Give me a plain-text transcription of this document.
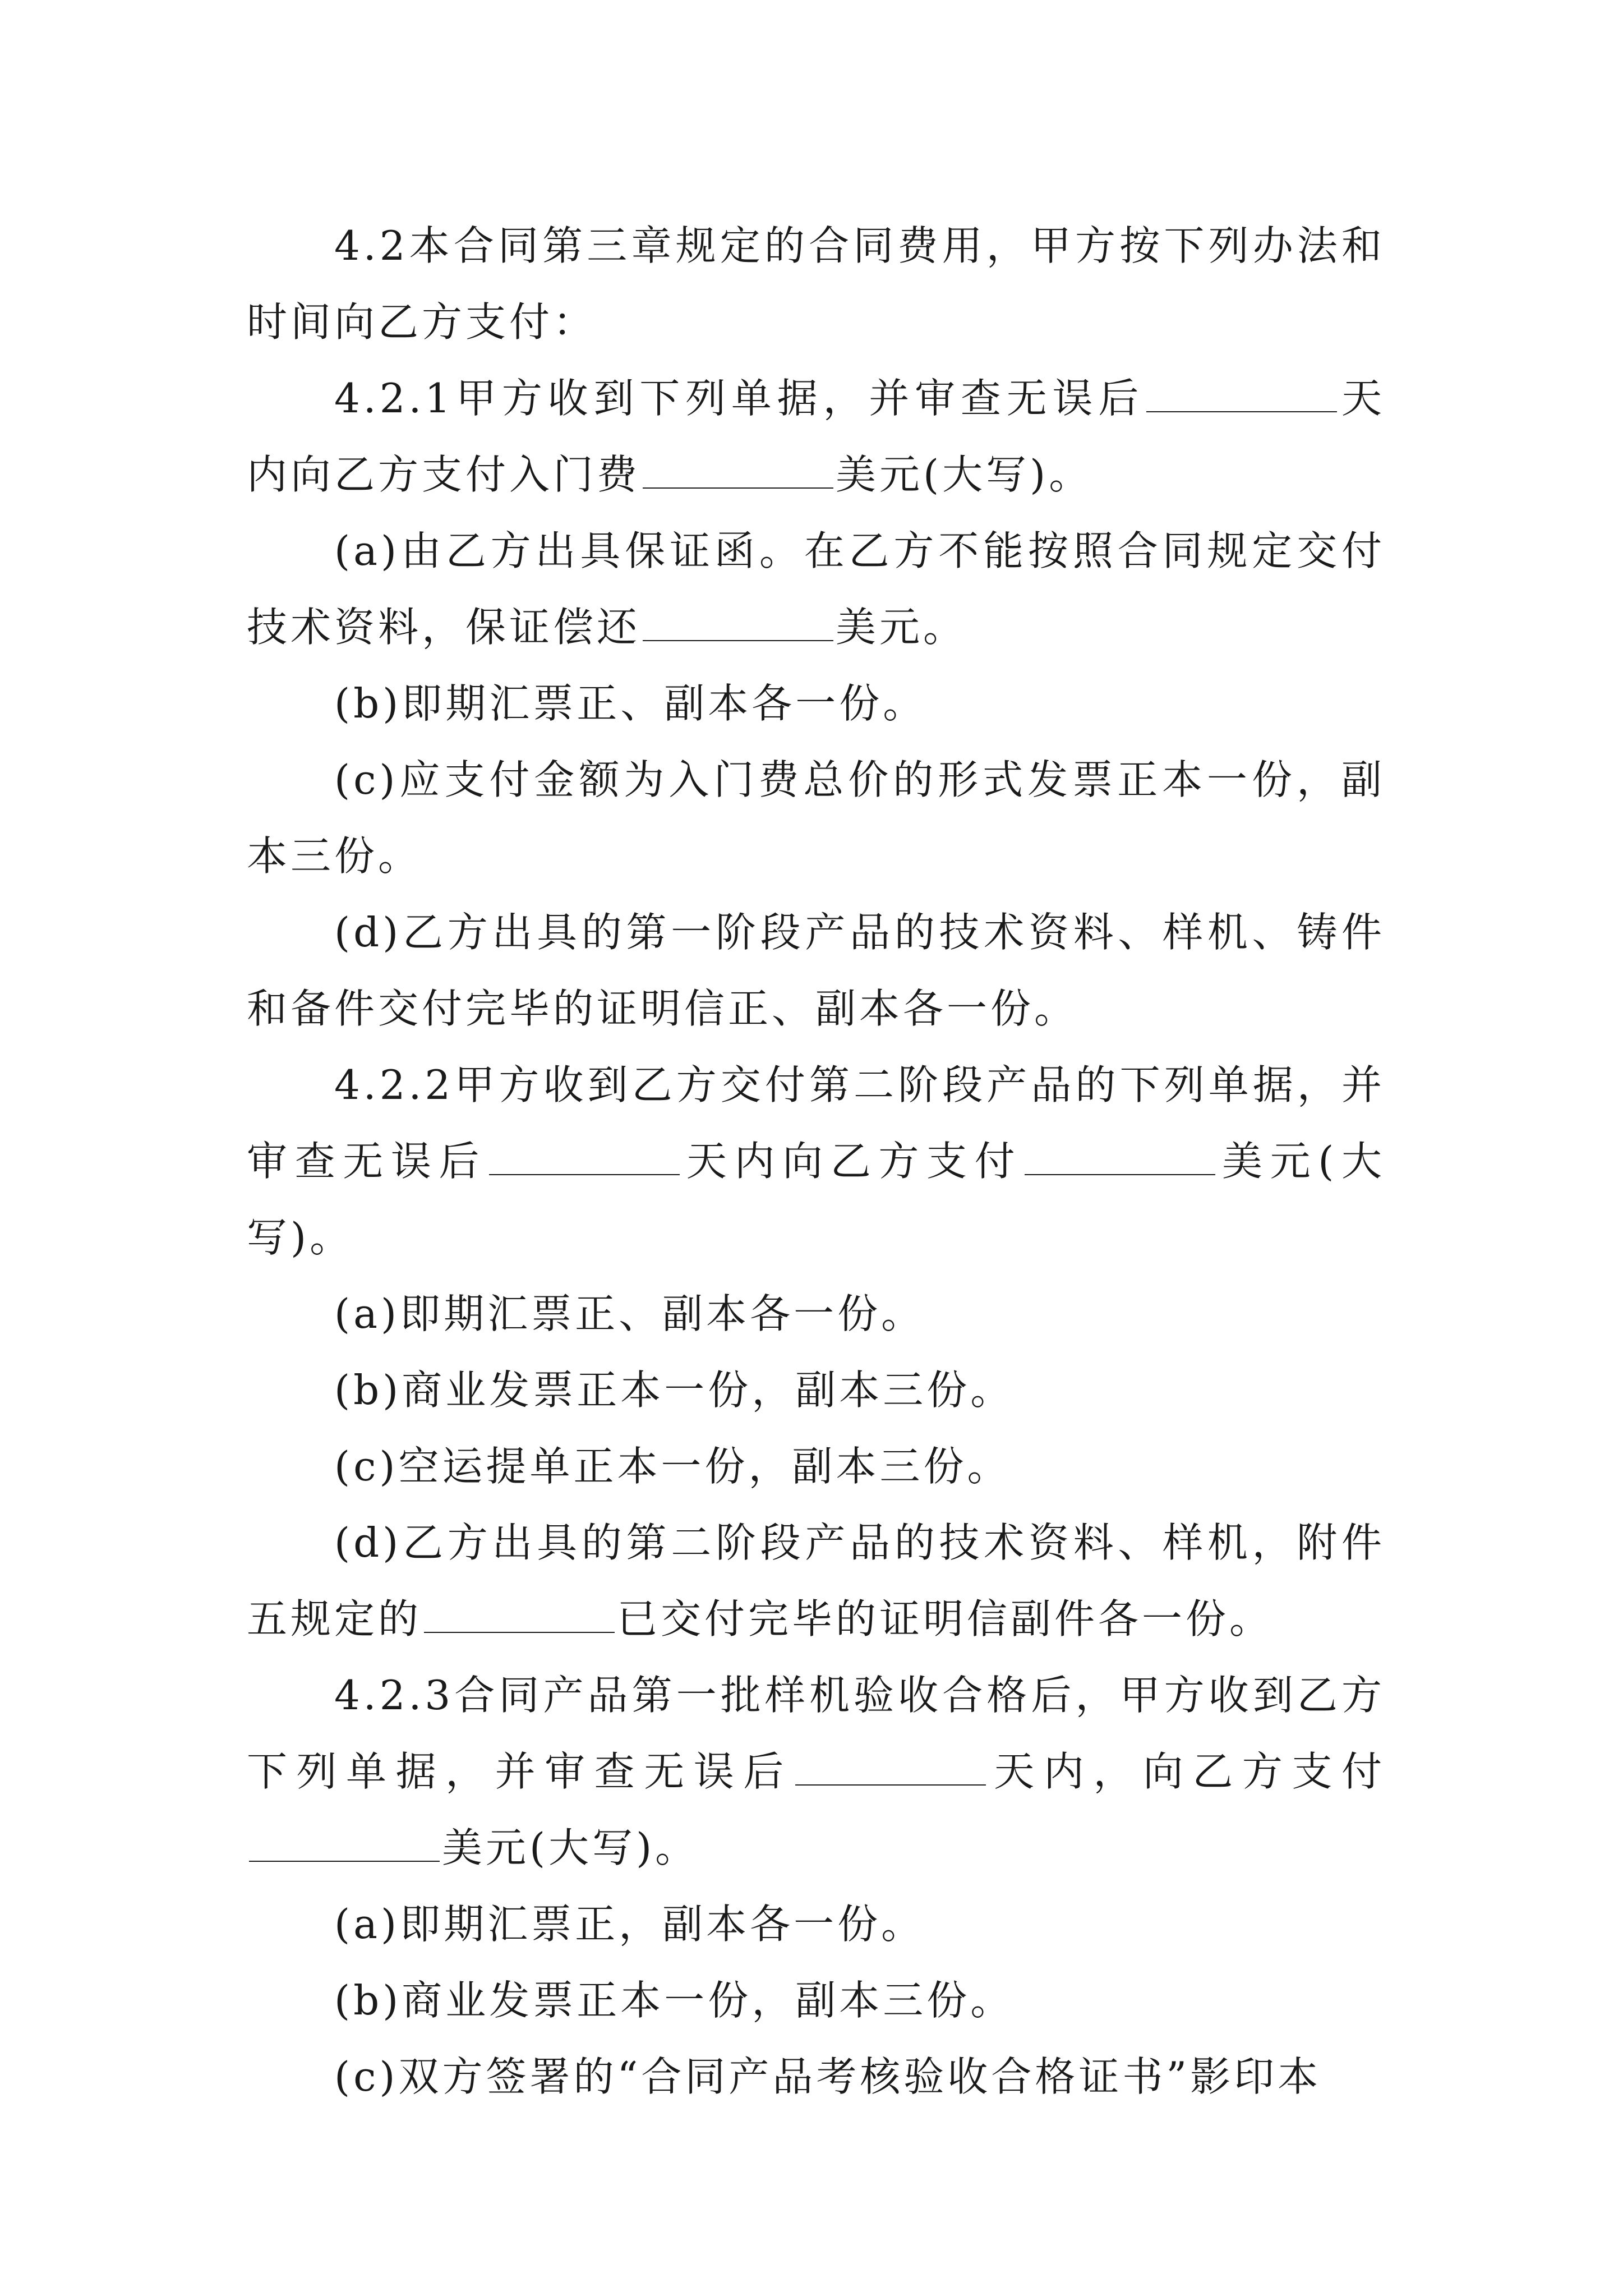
4.2本合同第三章规定的合同费用，甲方按下列办法和时间向乙方支付：

4.2.1甲方收到下列单据，并审查无误后	天内向乙方支付入门费	美元(大写)。

(a)由乙方出具保证函。在乙方不能按照合同规定交付技术资料，保证偿还	美元。

(b)即期汇票正、副本各一份。

(c)应支付金额为入门费总价的形式发票正本一份，副本三份。

(d)乙方出具的第一阶段产品的技术资料、样机、铸件和备件交付完毕的证明信正、副本各一份。

4.2.2甲方收到乙方交付第二阶段产品的下列单据，并审查无误后	天内向乙方支付	美元(大写)。

(a)即期汇票正、副本各一份。

(b)商业发票正本一份，副本三份。

(c)空运提单正本一份，副本三份。

(d)乙方出具的第二阶段产品的技术资料、样机，附件五规定的	已交付完毕的证明信副件各一份。

4.2.3合同产品第一批样机验收合格后，甲方收到乙方下列单据，并审查无误后	天内，向乙方支付美元(大写)。

(a)即期汇票正，副本各一份。

(b)商业发票正本一份，副本三份。

(c)双方签署的“合同产品考核验收合格证书”影印本
